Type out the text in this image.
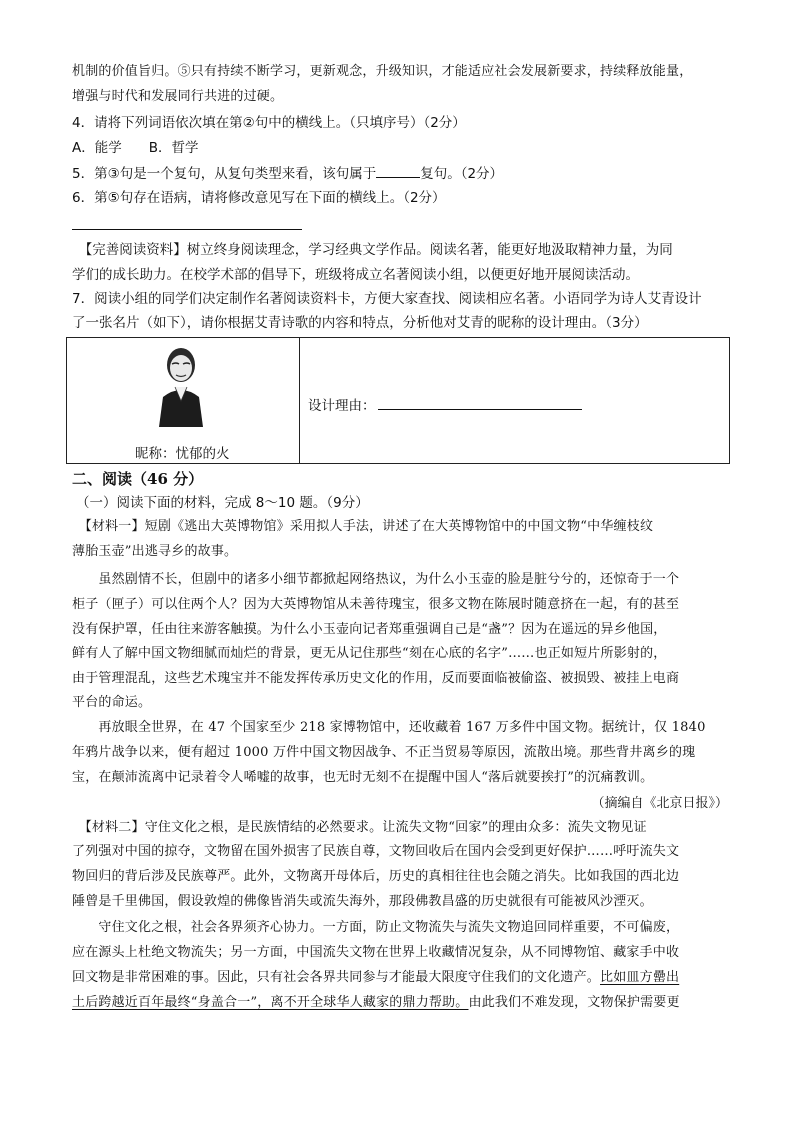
机制的价值旨归。⑤只有持续不断学习，更新观念，升级知识，才能适应社会发展新要求，持续释放能量，
增强与时代和发展同行共进的过硬。
4．请将下列词语依次填在第②句中的横线上。（只填序号）（2分）
A．能学　　B．晢学
5．第③句是一个复句，从复句类型来看，该句属于	复句。（2分）
6．第⑤句存在语病，请将修改意见写在下面的横线上。（2分）
　【完善阅读资料】树立终身阅读理念，学习经典文学作品。阅读名著，能更好地汲取精神力量，为同
学们的成长助力。在校学术部的倡导下，班级将成立名著阅读小组，以便更好地开展阅读活动。
7．阅读小组的同学们决定制作名著阅读资料卡，方便大家查找、阅读相应名著。小语同学为诗人艾青设计
了一张名片（如下），请你根据艾青诗歌的内容和特点，分析他对艾青的昵称的设计理由。（3分）
昵称：忧郁的火

设计理由：
二、阅读（46 分）
（一）阅读下面的材料，完成 8～10 题。（9分）
　【材料一】短剧《逃出大英博物馆》采用拟人手法，讲述了在大英博物馆中的中国文物“中华缠枝纹
薄胎玉壶”出逃寻乡的故事。
　　虽然剧情不长，但剧中的诸多小细节都掀起网络热议，为什么小玉壶的脸是脏兮兮的，还惊奇于一个
柜子（匣子）可以住两个人？因为大英博物馆从未善待瑰宝，很多文物在陈展时随意挤在一起，有的甚至
没有保护罩，任由往来游客触摸。为什么小玉壶向记者郑重强调自己是“盏”？因为在遥远的异乡他国，
鲜有人了解中国文物细腻而灿烂的背景，更无从记住那些“刻在心底的名字”……也正如短片所影射的，
由于管理混乱，这些艺术瑰宝并不能发挥传承历史文化的作用，反而要面临被偷盗、被损毁、被挂上电商
平台的命运。
　　再放眼全世界，在 47 个国家至少 218 家博物馆中，还收藏着 167 万多件中国文物。据统计，仅 1840
年鸦片战争以来，便有超过 1000 万件中国文物因战争、不正当贸易等原因，流散出境。那些背井离乡的瑰
宝，在颠沛流离中记录着令人唏嘘的故事，也无时无刻不在提醒中国人“落后就要挨打”的沉痛教训。
（摘编自《北京日报》）
　【材料二】守住文化之根，是民族情结的必然要求。让流失文物“回家”的理由众多：流失文物见证
了列强对中国的掠夺，文物留在国外损害了民族自尊，文物回收后在国内会受到更好保护……呼吁流失文
物回归的背后涉及民族尊严。此外，文物离开母体后，历史的真相往往也会随之消失。比如我国的西北边
陲曾是千里佛国，假设敦煌的佛像皆消失或流失海外，那段佛教昌盛的历史就很有可能被风沙湮灭。
　　守住文化之根，社会各界须齐心协力。一方面，防止文物流失与流失文物追回同样重要，不可偏废，
应在源头上杜绝文物流失；另一方面，中国流失文物在世界上收藏情况复杂，从不同博物馆、藏家手中收
回文物是非常困难的事。因此，只有社会各界共同参与才能最大限度守住我们的文化遗产。比如皿方罍出
土后跨越近百年最终“身盖合一”，离不开全球华人藏家的鼎力帮助。由此我们不难发现，文物保护需要更
